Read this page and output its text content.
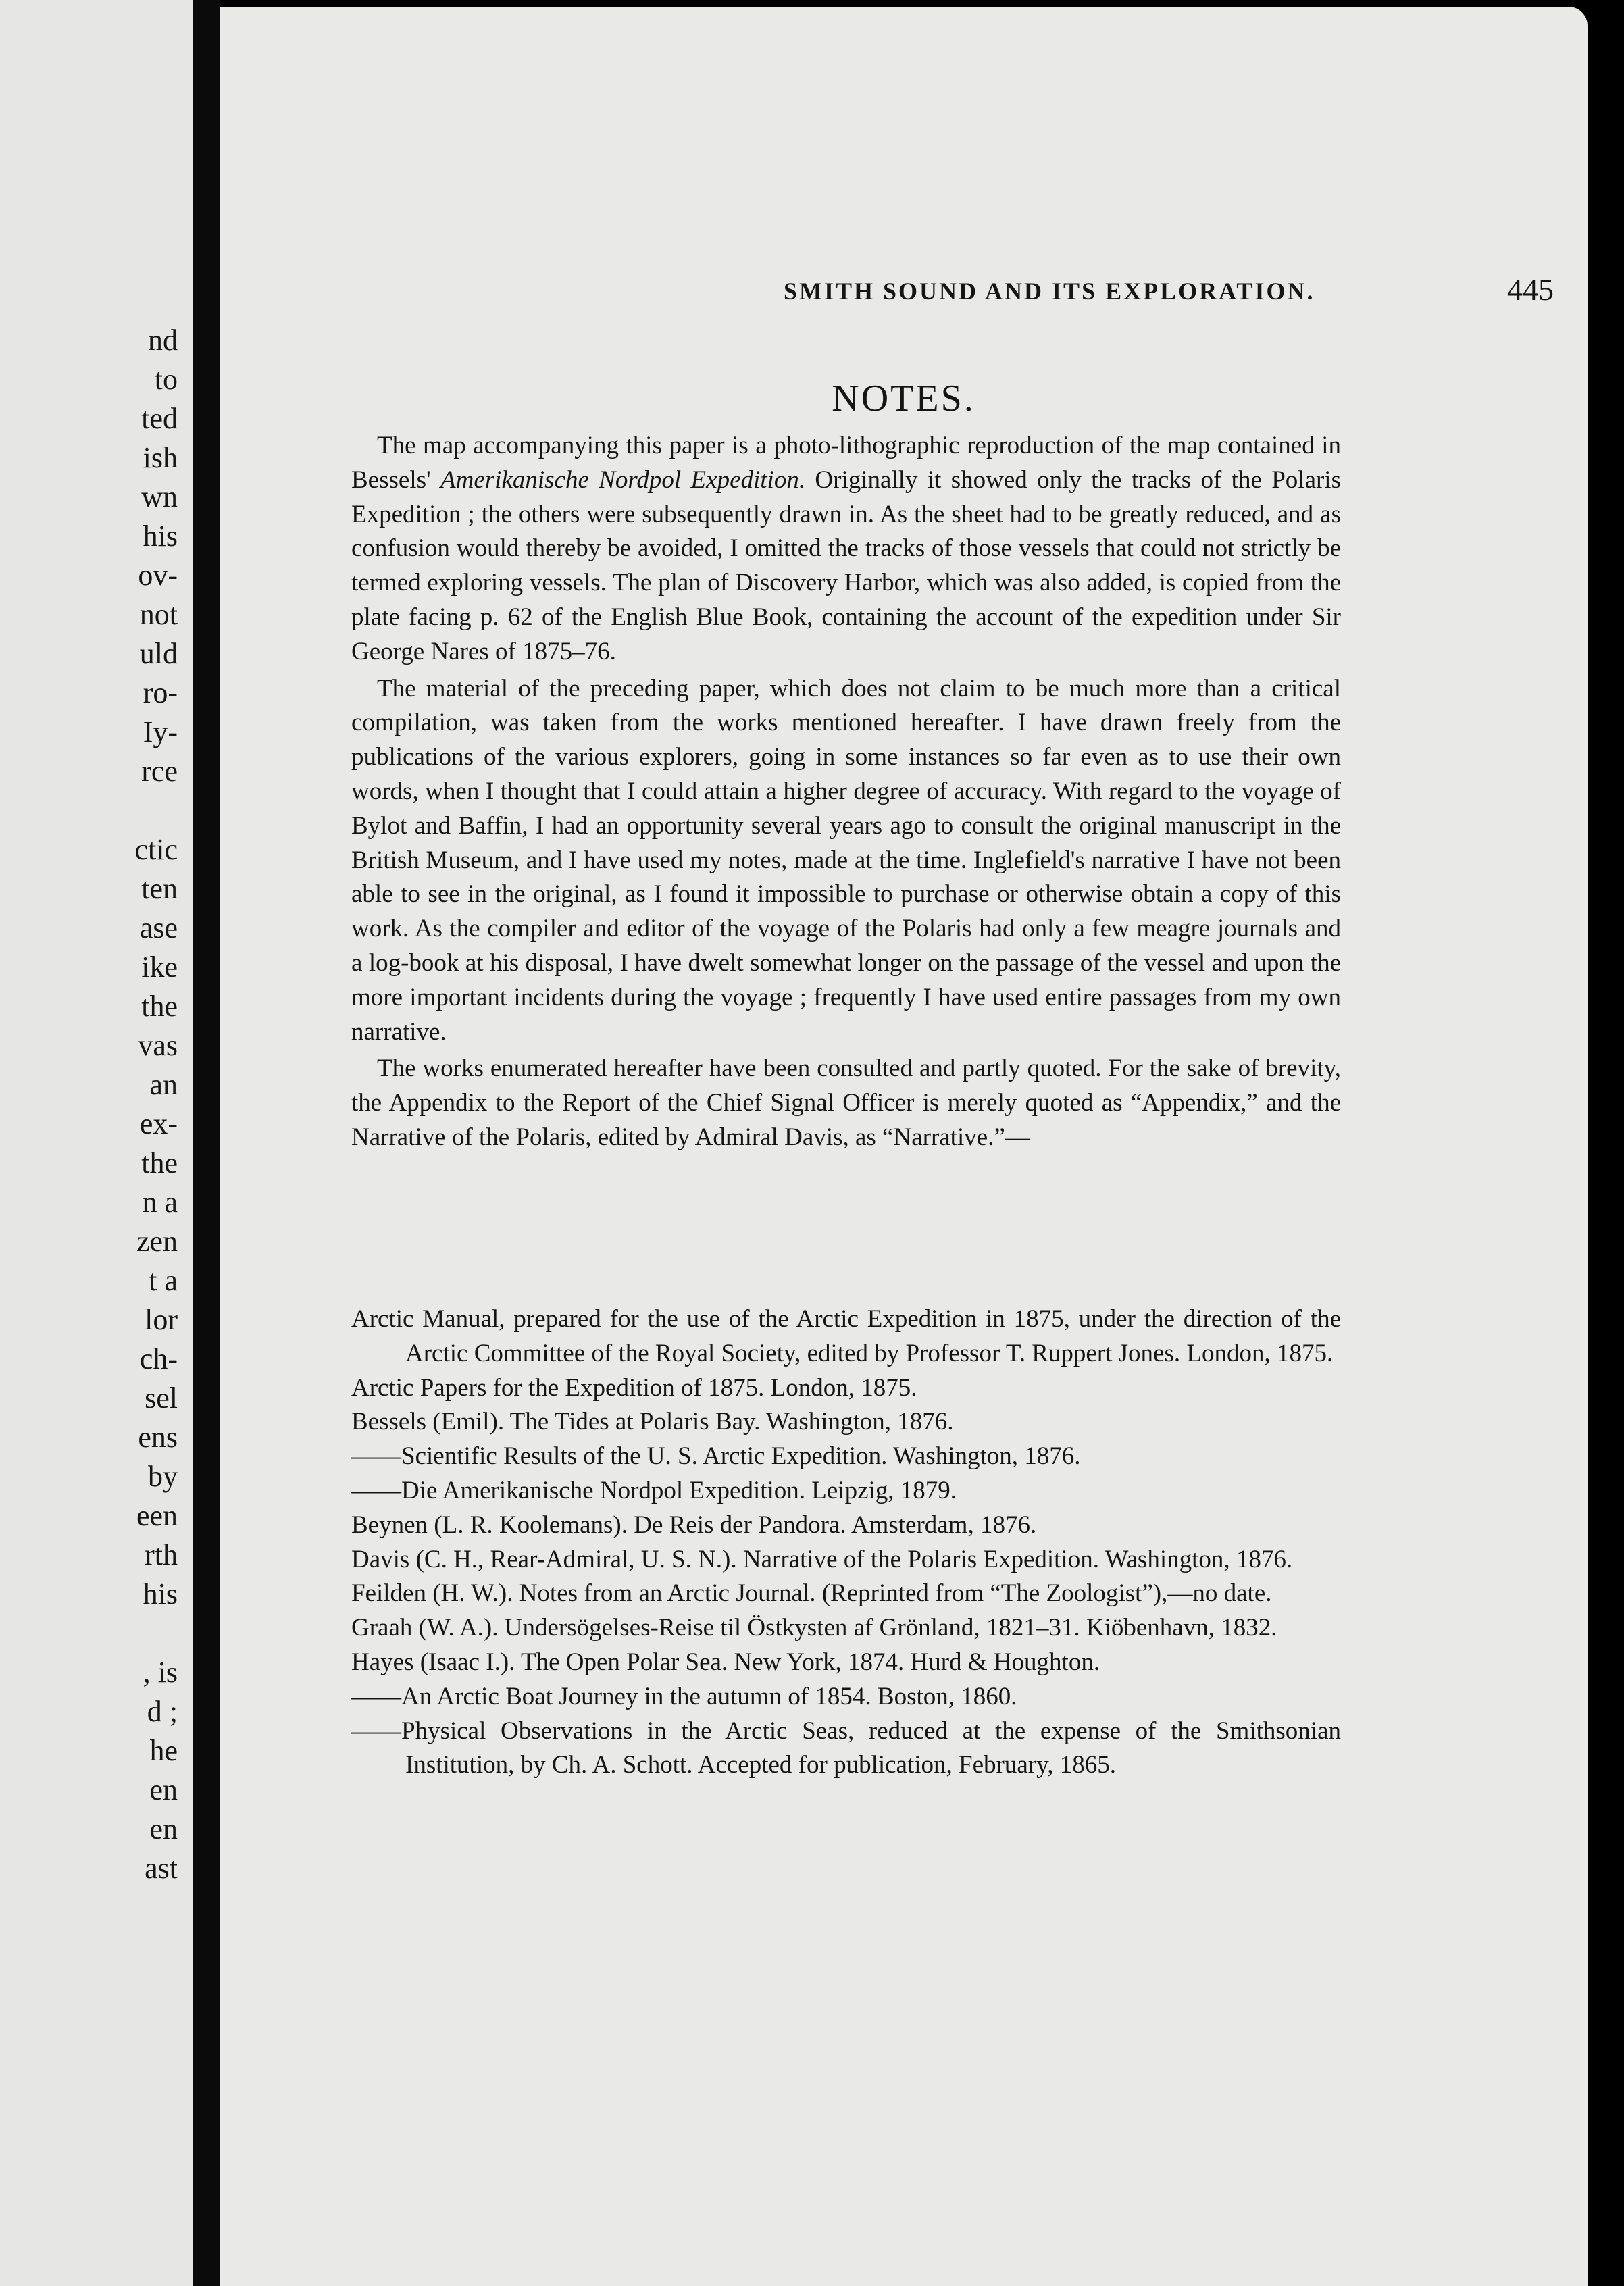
nd
to
ted
ish
wn
his
ov-
not
uld
ro-
Iy-
rce
ctic
ten
ase
ike
the
vas
an
ex-
the
n a
zen
t a
lor
ch-
sel
ens
by
een
rth
his
, is
d ;
he
en
en
ast
SMITH SOUND AND ITS EXPLORATION.	445
NOTES.

The map accompanying this paper is a photo-lithographic reproduction of the map contained in Bessels' Amerikanische Nordpol Expedition. Originally it showed only the tracks of the Polaris Expedition ; the others were subsequently drawn in. As the sheet had to be greatly reduced, and as confusion would thereby be avoided, I omitted the tracks of those vessels that could not strictly be termed exploring vessels. The plan of Discovery Harbor, which was also added, is copied from the plate facing p. 62 of the English Blue Book, containing the account of the expedition under Sir George Nares of 1875–76.

The material of the preceding paper, which does not claim to be much more than a critical compilation, was taken from the works mentioned hereafter. I have drawn freely from the publications of the various explorers, going in some instances so far even as to use their own words, when I thought that I could attain a higher degree of accuracy. With regard to the voyage of Bylot and Baffin, I had an opportunity several years ago to consult the original manuscript in the British Museum, and I have used my notes, made at the time. Inglefield's narrative I have not been able to see in the original, as I found it impossible to purchase or otherwise obtain a copy of this work. As the compiler and editor of the voyage of the Polaris had only a few meagre journals and a log-book at his disposal, I have dwelt somewhat longer on the passage of the vessel and upon the more important incidents during the voyage ; frequently I have used entire passages from my own narrative.

The works enumerated hereafter have been consulted and partly quoted. For the sake of brevity, the Appendix to the Report of the Chief Signal Officer is merely quoted as “Appendix,” and the Narrative of the Polaris, edited by Admiral Davis, as “Narrative.”—

Arctic Manual, prepared for the use of the Arctic Expedition in 1875, under the direction of the Arctic Committee of the Royal Society, edited by Professor T. Ruppert Jones. London, 1875.
Arctic Papers for the Expedition of 1875. London, 1875.
Bessels (Emil). The Tides at Polaris Bay. Washington, 1876.
——Scientific Results of the U. S. Arctic Expedition. Washington, 1876.
——Die Amerikanische Nordpol Expedition. Leipzig, 1879.
Beynen (L. R. Koolemans). De Reis der Pandora. Amsterdam, 1876.
Davis (C. H., Rear-Admiral, U. S. N.). Narrative of the Polaris Expedition. Washington, 1876.
Feilden (H. W.). Notes from an Arctic Journal. (Reprinted from “The Zoologist”),—no date.
Graah (W. A.). Undersögelses-Reise til Östkysten af Grönland, 1821–31. Kiöbenhavn, 1832.
Hayes (Isaac I.). The Open Polar Sea. New York, 1874. Hurd & Houghton.
——An Arctic Boat Journey in the autumn of 1854. Boston, 1860.
——Physical Observations in the Arctic Seas, reduced at the expense of the Smithsonian Institution, by Ch. A. Schott. Accepted for publication, February, 1865.
